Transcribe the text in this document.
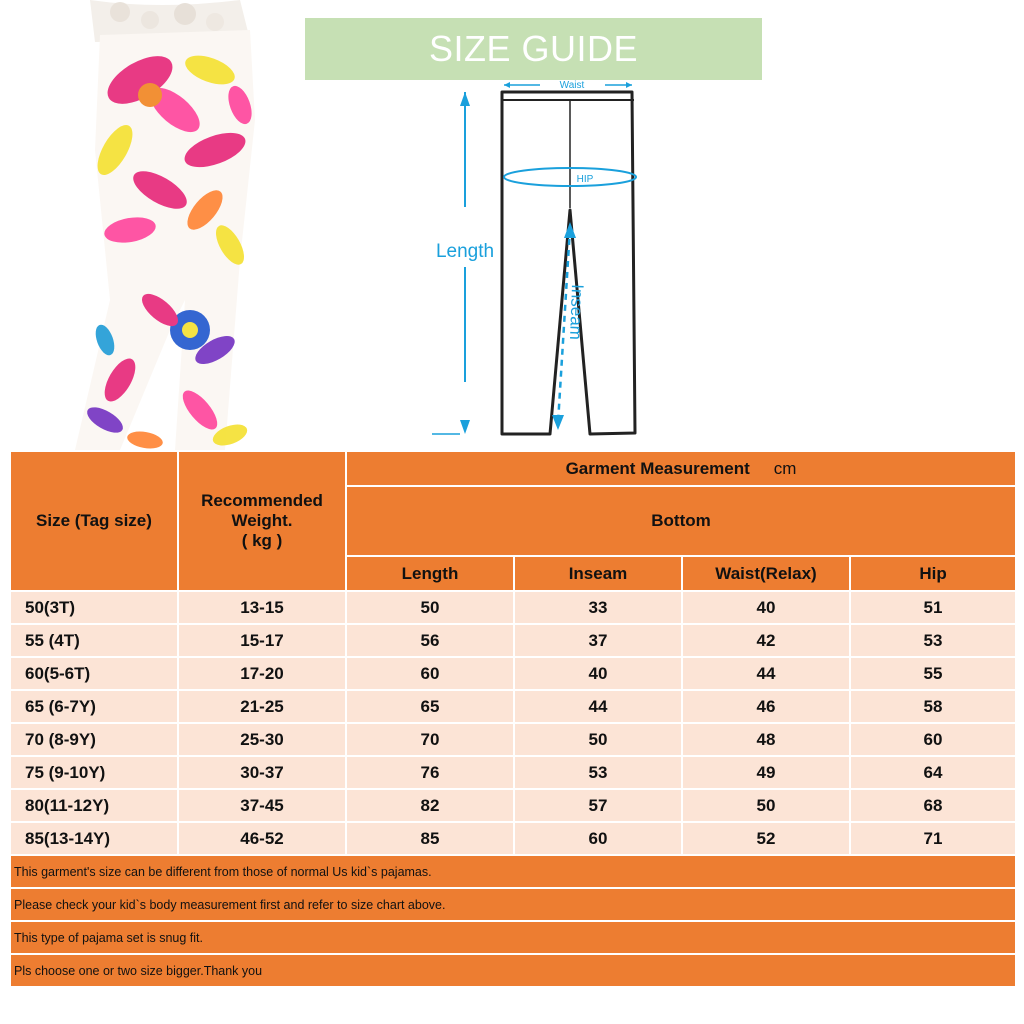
SIZE GUIDE
Waist
HIP
Length
Inseam
Size (Tag size)	Recommended
Weight.
( kg )	Garment Measurement cm			
		Bottom			
		Length	Inseam	Waist(Relax)	Hip
50(3T)	13-15	50	33	40	51
55 (4T)	15-17	56	37	42	53
60(5-6T)	17-20	60	40	44	55
65 (6-7Y)	21-25	65	44	46	58
70 (8-9Y)	25-30	70	50	48	60
75 (9-10Y)	30-37	76	53	49	64
80(11-12Y)	37-45	82	57	50	68
85(13-14Y)	46-52	85	60	52	71
This garment's size can be different from those of normal Us kid`s pajamas.					
Please check your kid`s body measurement first and refer to size chart above.					
This type of pajama set is snug fit.					
Pls choose one or two size bigger.Thank you					
